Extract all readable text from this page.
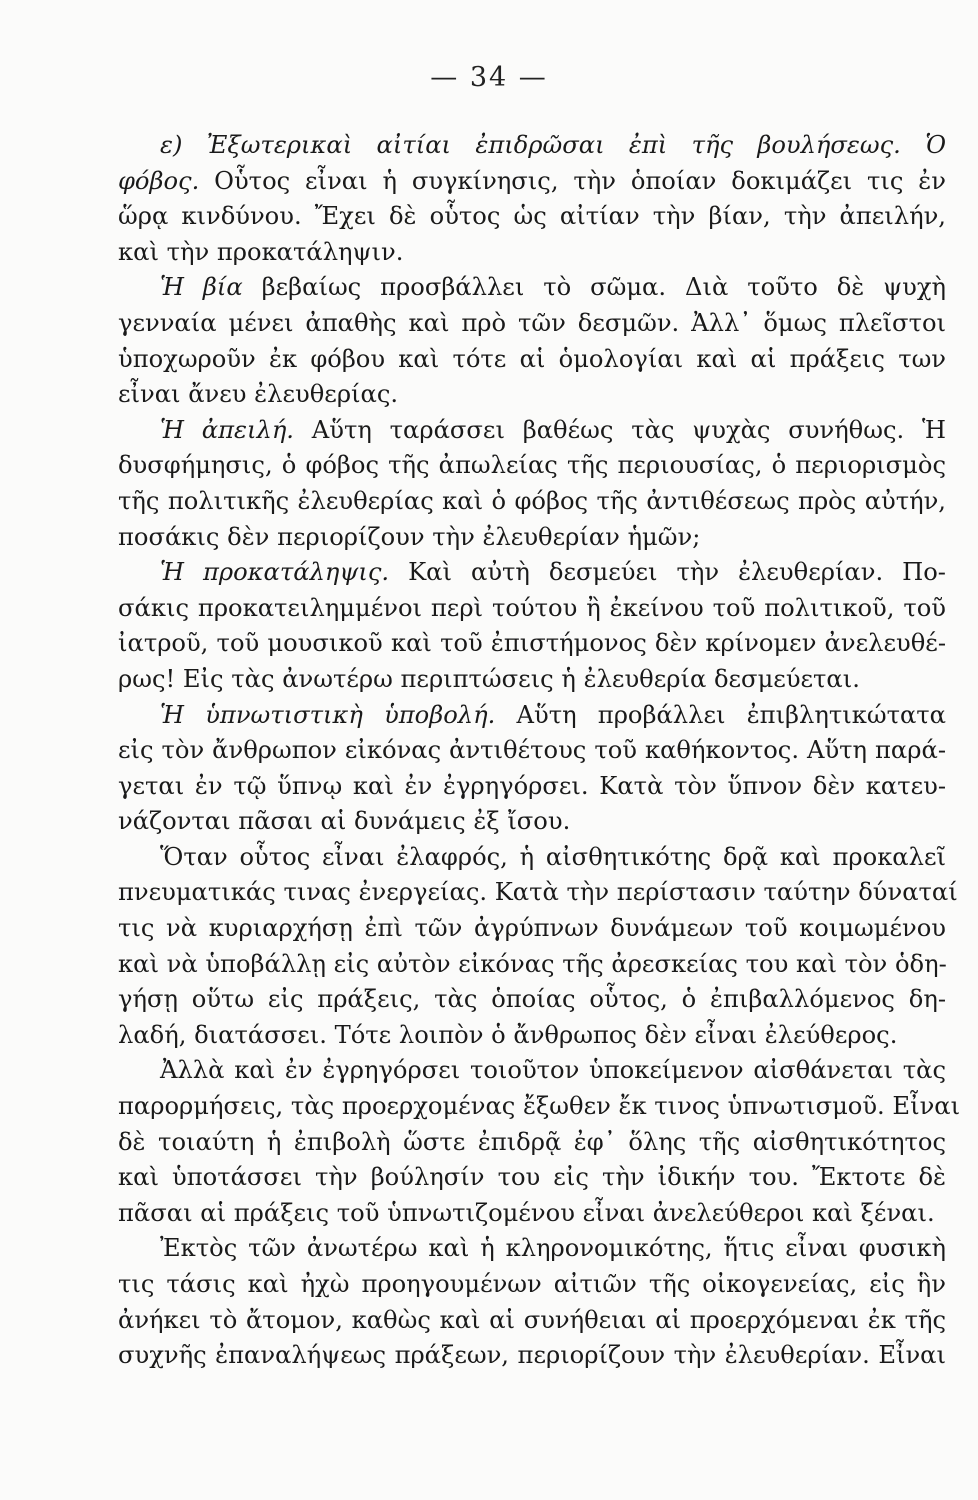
— 34 —
ε) Ἐξωτερικαὶ αἰτίαι ἐπιδρῶσαι ἐπὶ τῆς βουλήσεως. Ὁ
φόβος. Οὗτος εἶναι ἡ συγκίνησις, τὴν ὁποίαν δοκιμάζει τις ἐν
ὥρᾳ κινδύνου. Ἔχει δὲ οὗτος ὡς αἰτίαν τὴν βίαν, τὴν ἀπειλήν,
καὶ τὴν προκατάληψιν.
Ἡ βία βεβαίως προσβάλλει τὸ σῶμα. Διὰ τοῦτο δὲ ψυχὴ
γενναία μένει ἀπαθὴς καὶ πρὸ τῶν δεσμῶν. Ἀλλ᾽ ὅμως πλεῖστοι
ὑποχωροῦν ἐκ φόβου καὶ τότε αἱ ὁμολογίαι καὶ αἱ πράξεις των
εἶναι ἄνευ ἐλευθερίας.
Ἡ ἀπειλή. Αὕτη ταράσσει βαθέως τὰς ψυχὰς συνήθως. Ἡ
δυσφήμησις, ὁ φόβος τῆς ἀπωλείας τῆς περιουσίας, ὁ περιορισμὸς
τῆς πολιτικῆς ἐλευθερίας καὶ ὁ φόβος τῆς ἀντιθέσεως πρὸς αὐτήν,
ποσάκις δὲν περιορίζουν τὴν ἐλευθερίαν ἡμῶν;
Ἡ προκατάληψις. Καὶ αὐτὴ δεσμεύει τὴν ἐλευθερίαν. Πο-
σάκις προκατειλημμένοι περὶ τούτου ἢ ἐκείνου τοῦ πολιτικοῦ, τοῦ
ἰατροῦ, τοῦ μουσικοῦ καὶ τοῦ ἐπιστήμονος δὲν κρίνομεν ἀνελευθέ-
ρως! Εἰς τὰς ἀνωτέρω περιπτώσεις ἡ ἐλευθερία δεσμεύεται.
Ἡ ὑπνωτιστικὴ ὑποβολή. Αὕτη προβάλλει ἐπιβλητικώτατα
εἰς τὸν ἄνθρωπον εἰκόνας ἀντιθέτους τοῦ καθήκοντος. Αὕτη παρά-
γεται ἐν τῷ ὕπνῳ καὶ ἐν ἐγρηγόρσει. Κατὰ τὸν ὕπνον δὲν κατευ-
νάζονται πᾶσαι αἱ δυνάμεις ἐξ ἴσου.
Ὅταν οὗτος εἶναι ἐλαφρός, ἡ αἰσθητικότης δρᾷ καὶ προκαλεῖ
πνευματικάς τινας ἐνεργείας. Κατὰ τὴν περίστασιν ταύτην δύναταί
τις νὰ κυριαρχήσῃ ἐπὶ τῶν ἀγρύπνων δυνάμεων τοῦ κοιμωμένου
καὶ νὰ ὑποβάλλῃ εἰς αὐτὸν εἰκόνας τῆς ἀρεσκείας του καὶ τὸν ὁδη-
γήσῃ οὕτω εἰς πράξεις, τὰς ὁποίας οὗτος, ὁ ἐπιβαλλόμενος δη-
λαδή, διατάσσει. Τότε λοιπὸν ὁ ἄνθρωπος δὲν εἶναι ἐλεύθερος.
Ἀλλὰ καὶ ἐν ἐγρηγόρσει τοιοῦτον ὑποκείμενον αἰσθάνεται τὰς
παρορμήσεις, τὰς προερχομένας ἔξωθεν ἔκ τινος ὑπνωτισμοῦ. Εἶναι
δὲ τοιαύτη ἡ ἐπιβολὴ ὥστε ἐπιδρᾷ ἐφ᾽ ὅλης τῆς αἰσθητικότητος
καὶ ὑποτάσσει τὴν βούλησίν του εἰς τὴν ἰδικήν του. Ἔκτοτε δὲ
πᾶσαι αἱ πράξεις τοῦ ὑπνωτιζομένου εἶναι ἀνελεύθεροι καὶ ξέναι.
Ἐκτὸς τῶν ἀνωτέρω καὶ ἡ κληρονομικότης, ἥτις εἶναι φυσικὴ
τις τάσις καὶ ἠχὼ προηγουμένων αἰτιῶν τῆς οἰκογενείας, εἰς ἣν
ἀνήκει τὸ ἄτομον, καθὼς καὶ αἱ συνήθειαι αἱ προερχόμεναι ἐκ τῆς
συχνῆς ἐπαναλήψεως πράξεων, περιορίζουν τὴν ἐλευθερίαν. Εἶναι
